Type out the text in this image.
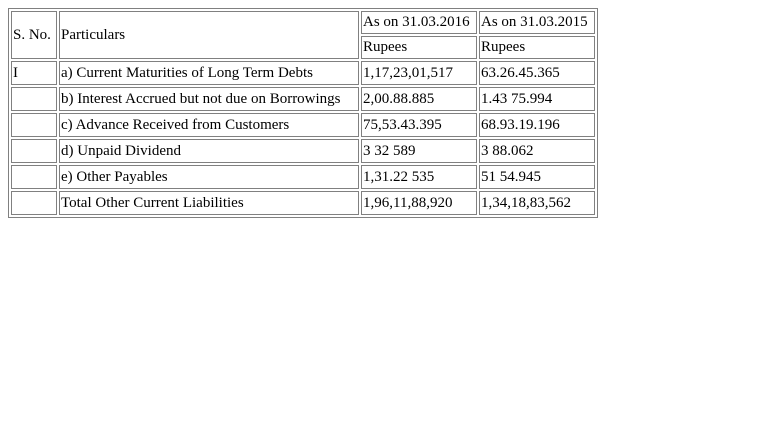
S. No.	Particulars	As on 31.03.2016	As on 31.03.2015
		Rupees	Rupees
I	a) Current Maturities of Long Term Debts	1,17,23,01,517	63.26.45.365
	b) Interest Accrued but not due on Borrowings	2,00.88.885	1.43 75.994
	c) Advance Received from Customers	75,53.43.395	68.93.19.196
	d) Unpaid Dividend	3 32 589	3 88.062
	e) Other Payables	1,31.22 535	51 54.945
	Total Other Current Liabilities	1,96,11,88,920	1,34,18,83,562
